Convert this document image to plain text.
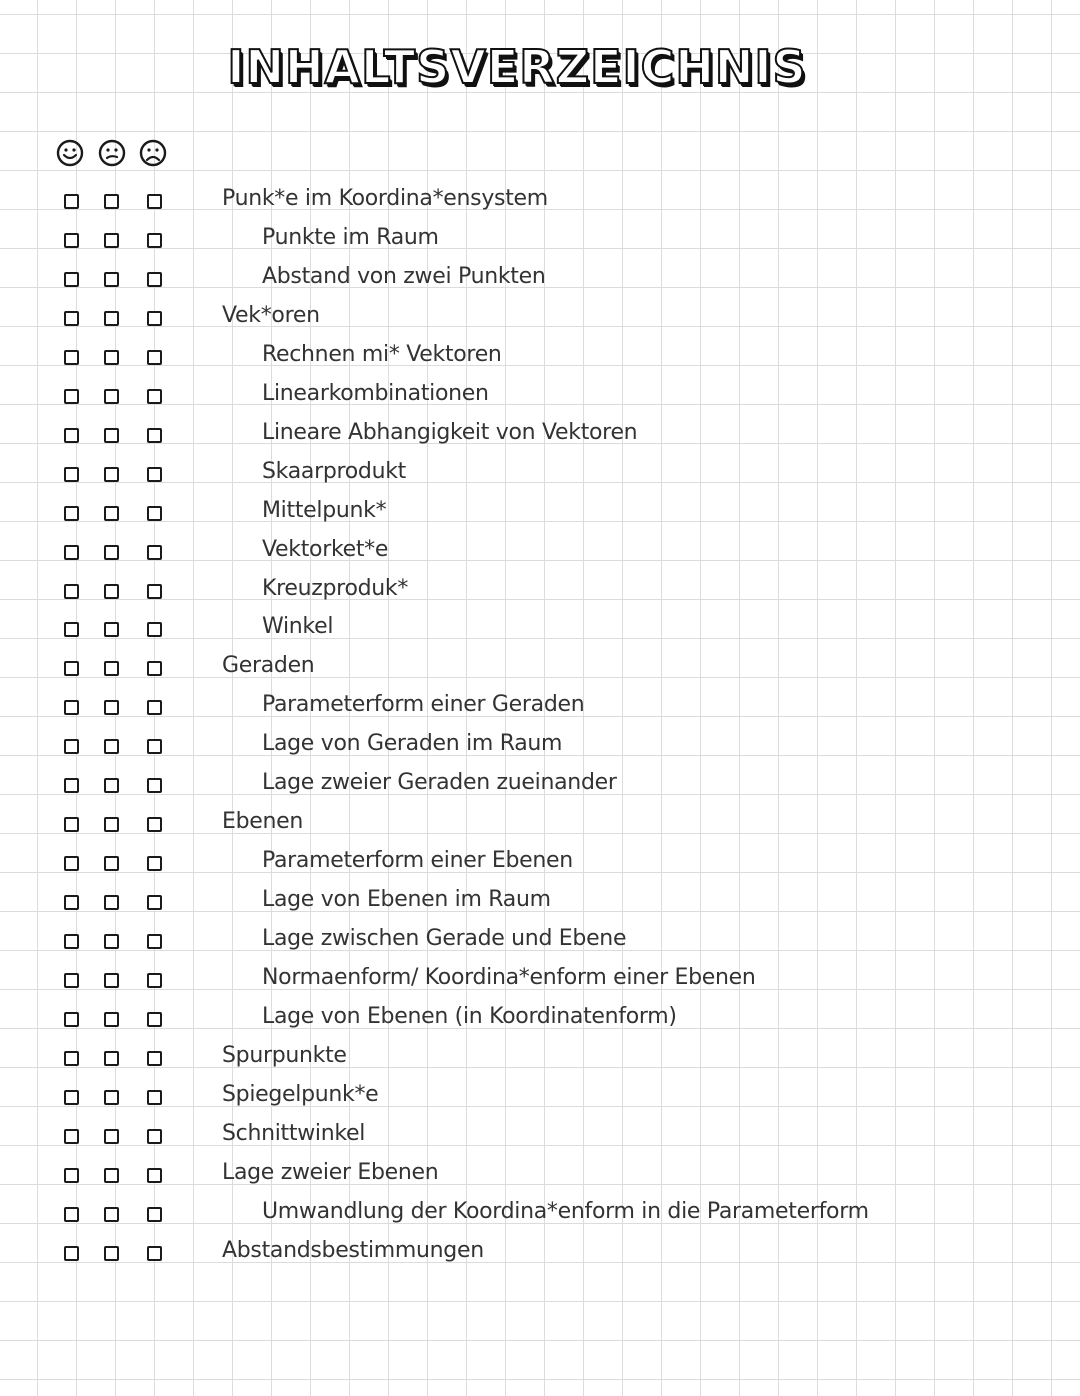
INHALTSVERZEICHNIS
Punk*e im Koordina*ensystem
Punkte im Raum
Abstand von zwei Punkten
Vek*oren
Rechnen mi* Vektoren
Linearkombinationen
Lineare Abhangigkeit von Vektoren
Skaarprodukt
Mittelpunk*
Vektorket*e
Kreuzproduk*
Winkel
Geraden
Parameterform einer Geraden
Lage von Geraden im Raum
Lage zweier Geraden zueinander
Ebenen
Parameterform einer Ebenen
Lage von Ebenen im Raum
Lage zwischen Gerade und Ebene
Normaenform/ Koordina*enform einer Ebenen
Lage von Ebenen (in Koordinatenform)
Spurpunkte
Spiegelpunk*e
Schnittwinkel
Lage zweier Ebenen
Umwandlung der Koordina*enform in die Parameterform
Abstandsbestimmungen
